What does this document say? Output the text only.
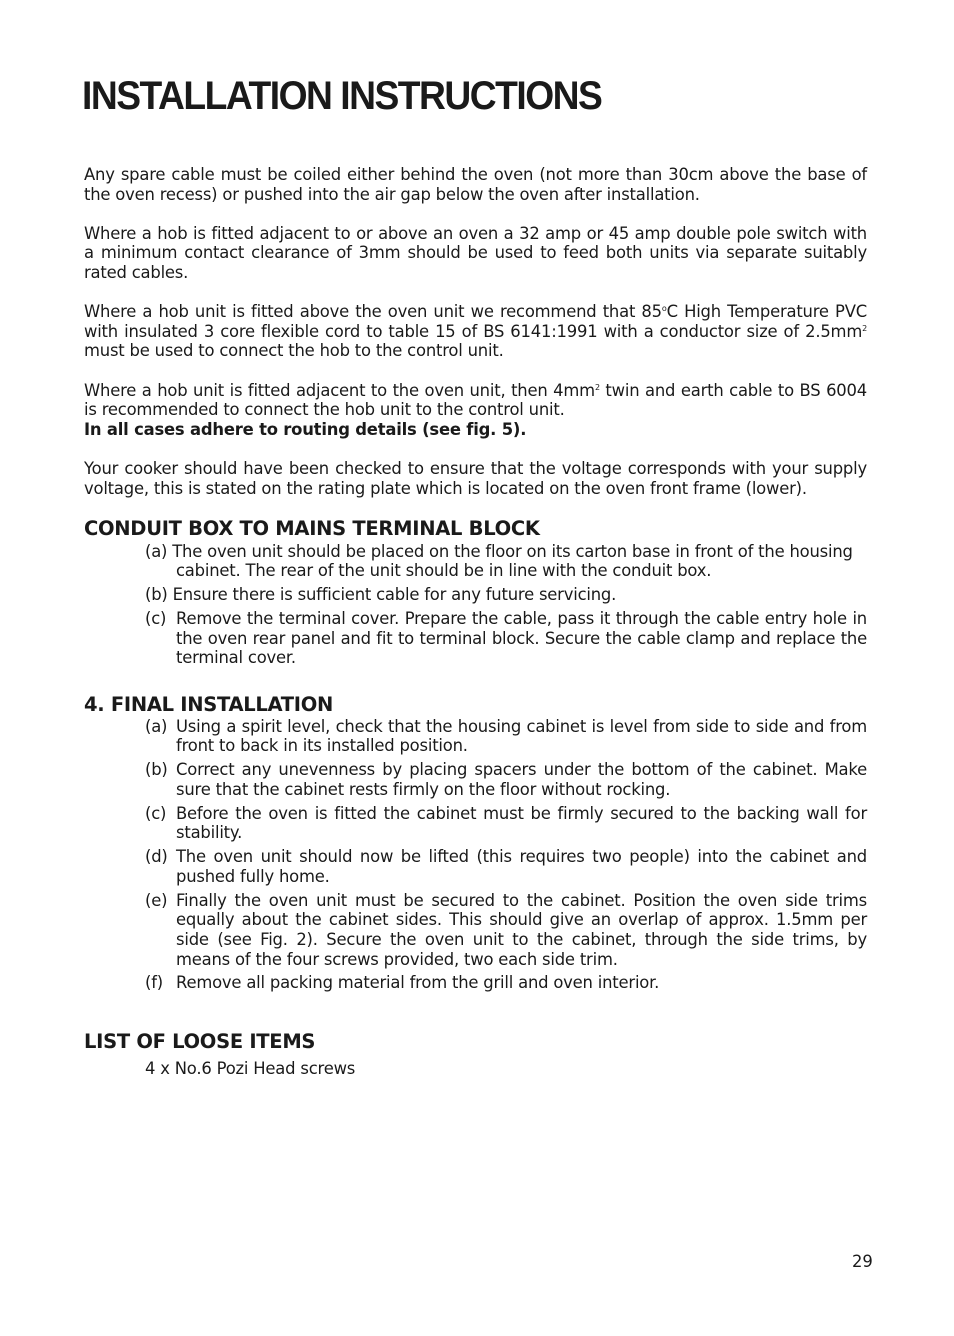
INSTALLATION INSTRUCTIONS

Any spare cable must be coiled either behind the oven (not more than 30cm above the base of the oven recess) or pushed into the air gap below the oven after installation.

Where a hob is fitted adjacent to or above an oven a 32 amp or 45 amp double pole switch with a minimum contact clearance of 3mm should be used to feed both units via separate suitably rated cables.

Where a hob unit is fitted above the oven unit we recommend that 85$^o$C High Temperature PVC with insulated 3 core flexible cord to table 15 of BS 6141:1991 with a conductor size of $2.5mm^2$ must be used to connect the hob to the control unit.

Where a hob unit is fitted adjacent to the oven unit, then $4mm^2$ twin and earth cable to BS 6004 is recommended to connect the hob unit to the control unit.

In all cases adhere to routing details (see fig. 5).

Your cooker should have been checked to ensure that the voltage corresponds with your supply voltage, this is stated on the rating plate which is located on the oven front frame (lower).

CONDUIT BOX TO MAINS TERMINAL BLOCK
(a) The oven unit should be placed on the floor on its carton base in front of the housing cabinet. The rear of the unit should be in line with the conduit box.
(b) Ensure there is sufficient cable for any future servicing.
(c) Remove the terminal cover. Prepare the cable, pass it through the cable entry hole in the oven rear panel and fit to terminal block. Secure the cable clamp and replace the terminal cover.
4. FINAL INSTALLATION
(a) Using a spirit level, check that the housing cabinet is level from side to side and from front to back in its installed position.
(b) Correct any unevenness by placing spacers under the bottom of the cabinet. Make sure that the cabinet rests firmly on the floor without rocking.
(c) Before the oven is fitted the cabinet must be firmly secured to the backing wall for stability.
(d) The oven unit should now be lifted (this requires two people) into the cabinet and pushed fully home.
(e) Finally the oven unit must be secured to the cabinet. Position the oven side trims equally about the cabinet sides. This should give an overlap of approx. 1.5mm per side (see Fig. 2). Secure the oven unit to the cabinet, through the side trims, by means of the four screws provided, two each side trim.
(f) Remove all packing material from the grill and oven interior.
LIST OF LOOSE ITEMS

4 x No.6 Pozi Head screws

29
